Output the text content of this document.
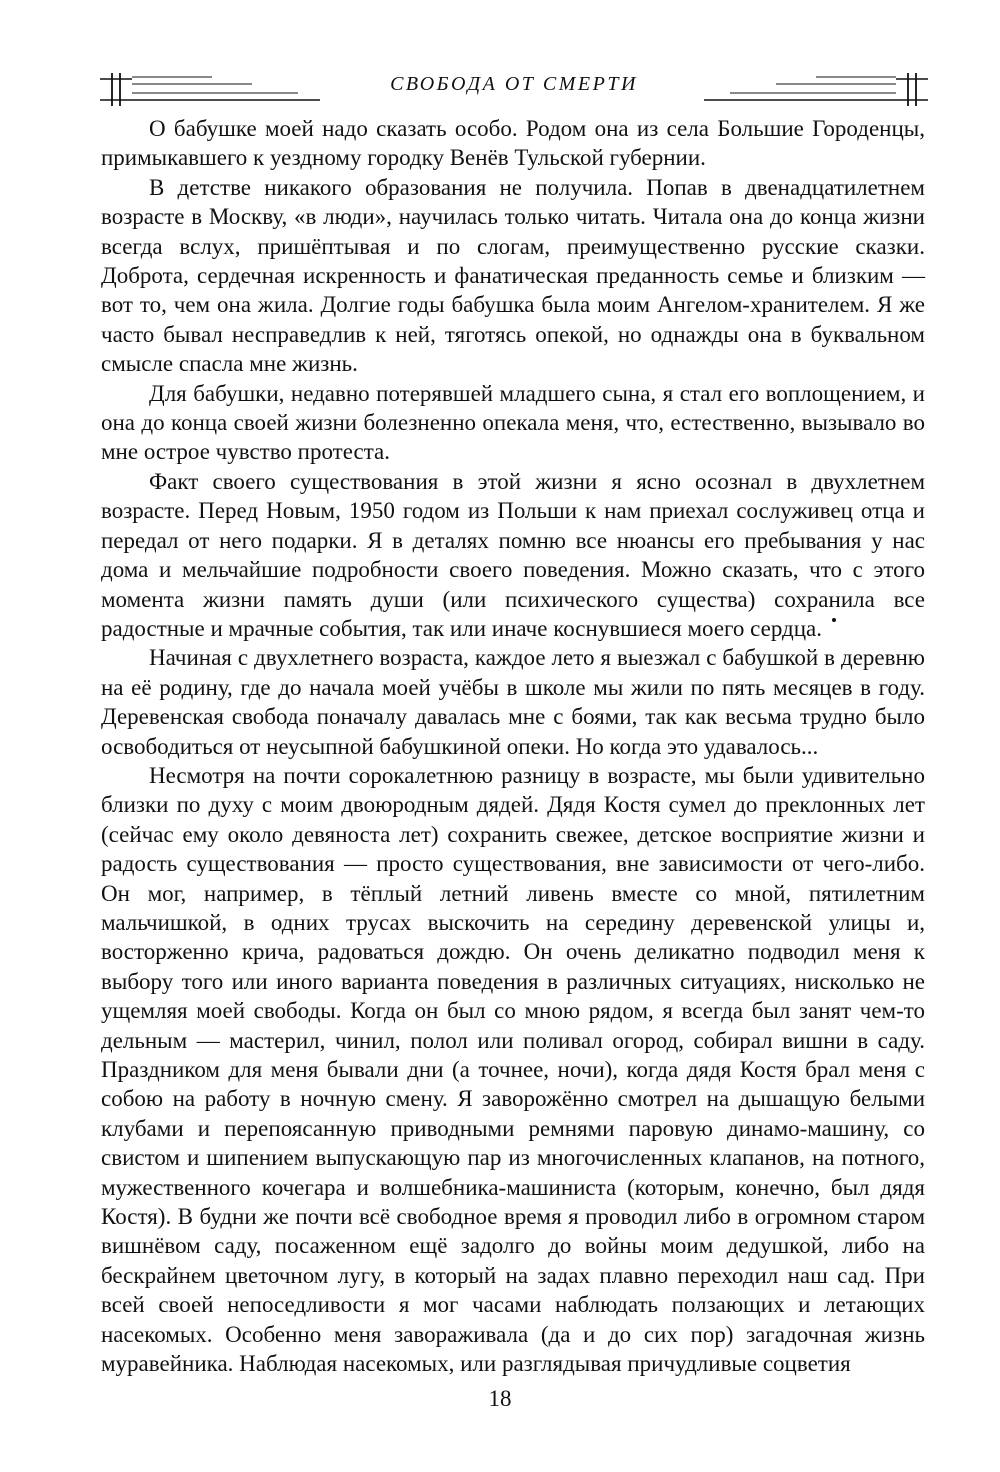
СВОБОДА ОТ СМЕРТИ

О бабушке моей надо сказать особо. Родом она из села Большие Городенцы, примыкавшего к уездному городку Венёв Тульской губернии.

В детстве никакого образования не получила. Попав в двенадцатилетнем возрасте в Москву, «в люди», научилась только читать. Читала она до конца жизни всегда вслух, пришёптывая и по слогам, преимущественно русские сказки. Доброта, сердечная искренность и фанатическая преданность семье и близким — вот то, чем она жила. Долгие годы бабушка была моим Ангелом-хранителем. Я же часто бывал несправедлив к ней, тяготясь опекой, но однажды она в буквальном смысле спасла мне жизнь.

Для бабушки, недавно потерявшей младшего сына, я стал его воплощением, и она до конца своей жизни болезненно опекала меня, что, естественно, вызывало во мне острое чувство протеста.

Факт своего существования в этой жизни я ясно осознал в двухлетнем возрасте. Перед Новым, 1950 годом из Польши к нам приехал сослуживец отца и передал от него подарки. Я в деталях помню все нюансы его пребывания у нас дома и мельчайшие подробности своего поведения. Можно сказать, что с этого момента жизни память души (или психического существа) сохранила все радостные и мрачные события, так или иначе коснувшиеся моего сердца.

Начиная с двухлетнего возраста, каждое лето я выезжал с бабушкой в деревню на её родину, где до начала моей учёбы в школе мы жили по пять месяцев в году. Деревенская свобода поначалу давалась мне с боями, так как весьма трудно было освободиться от неусыпной бабушкиной опеки. Но когда это удавалось...

Несмотря на почти сорокалетнюю разницу в возрасте, мы были удивительно близки по духу с моим двоюродным дядей. Дядя Костя сумел до преклонных лет (сейчас ему около девяноста лет) сохранить свежее, детское восприятие жизни и радость существования — просто существования, вне зависимости от чего-либо. Он мог, например, в тёплый летний ливень вместе со мной, пятилетним мальчишкой, в одних трусах выскочить на середину деревенской улицы и, восторженно крича, радоваться дождю. Он очень деликатно подводил меня к выбору того или иного варианта поведения в различных ситуациях, нисколько не ущемляя моей свободы. Когда он был со мною рядом, я всегда был занят чем-то дельным — мастерил, чинил, полол или поливал огород, собирал вишни в саду. Праздником для меня бывали дни (а точнее, ночи), когда дядя Костя брал меня с собою на работу в ночную смену. Я заворожённо смотрел на дышащую белыми клубами и перепоясанную приводными ремнями паровую динамо-машину, со свистом и шипением выпускающую пар из многочисленных клапанов, на потного, мужественного кочегара и волшебника-машиниста (которым, конечно, был дядя Костя). В будни же почти всё свободное время я проводил либо в огромном старом вишнёвом саду, посаженном ещё задолго до войны моим дедушкой, либо на бескрайнем цветочном лугу, в который на задах плавно переходил наш сад. При всей своей непоседливости я мог часами наблюдать ползающих и летающих насекомых. Особенно меня завораживала (да и до сих пор) загадочная жизнь муравейника. Наблюдая насекомых, или разглядывая причудливые соцветия

18
